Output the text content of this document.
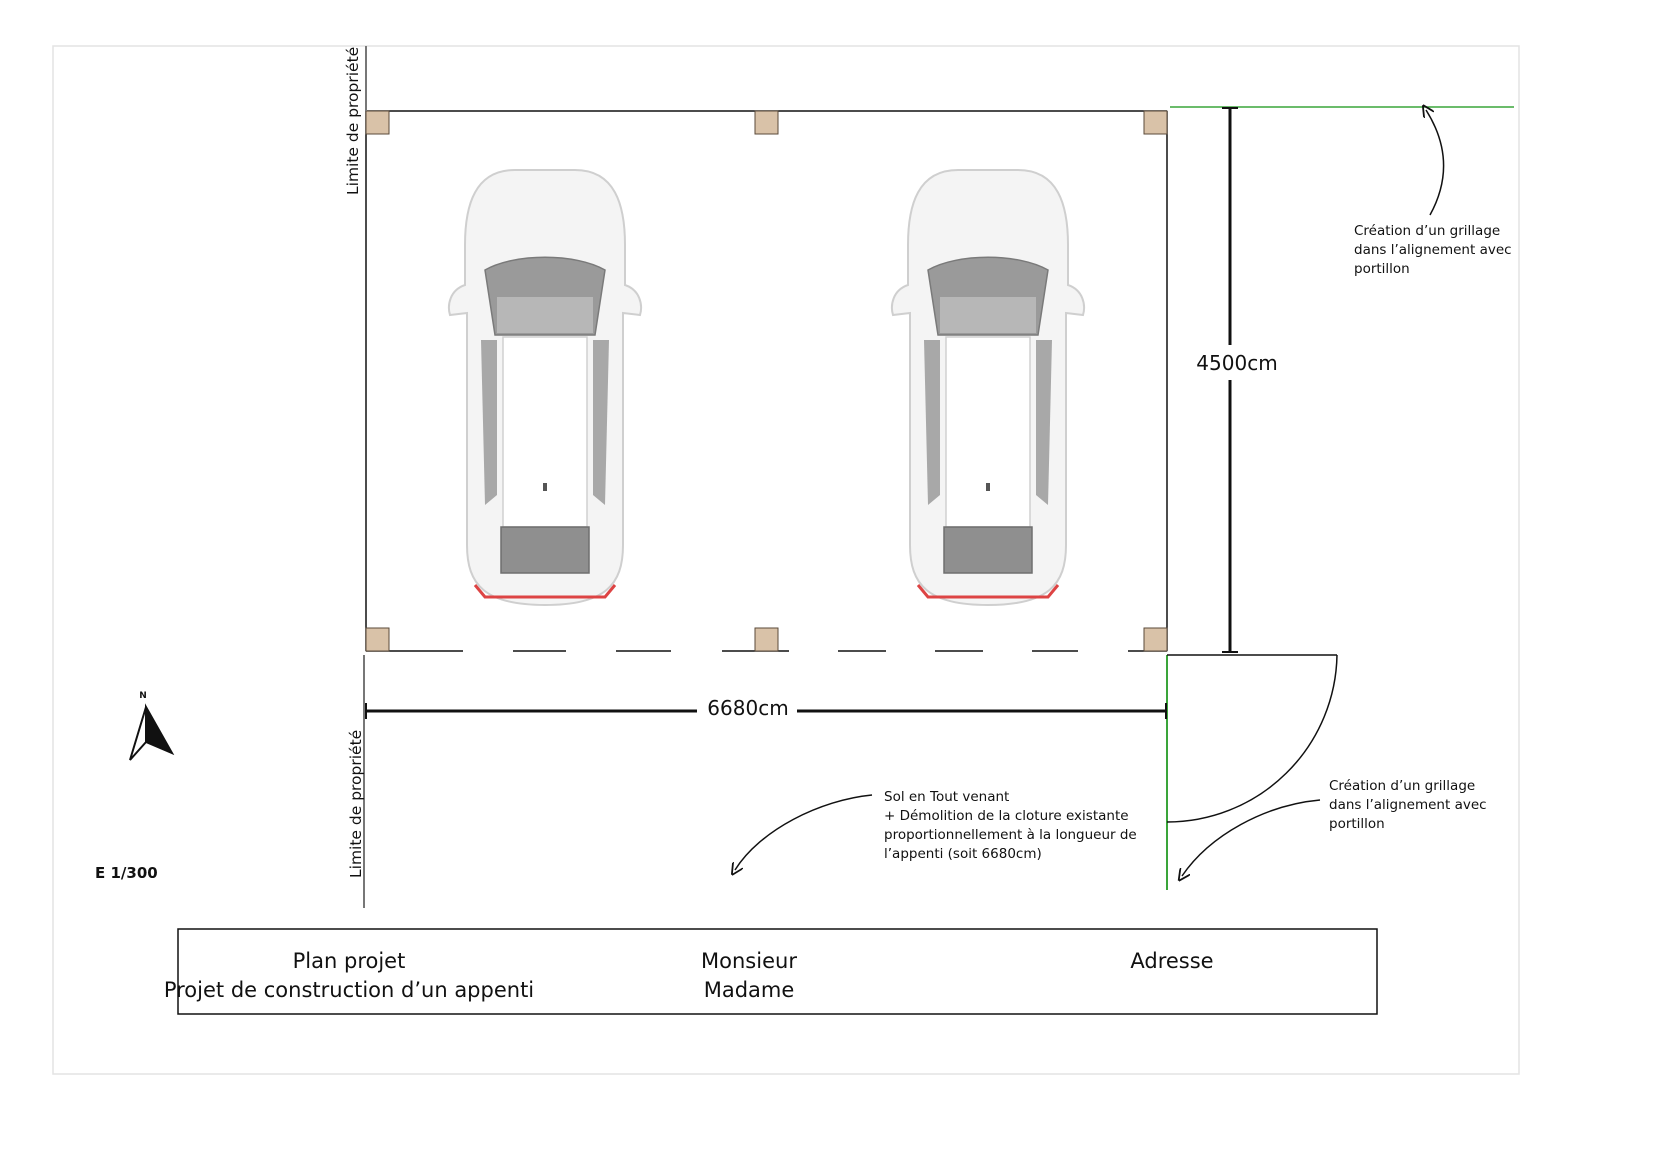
Limite de propriété
Limite de propriété
4500cm
6680cm
Création d’un grillage dans l’alignement avec portillon
Sol en Tout venant + Démolition de la cloture existante proportionnellement à la longueur de l’appenti (soit 6680cm)
Création d’un grillage dans l’alignement avec portillon
N
E 1/300
Plan projet
Projet de construction d’un appenti
Monsieur
Madame
Adresse
